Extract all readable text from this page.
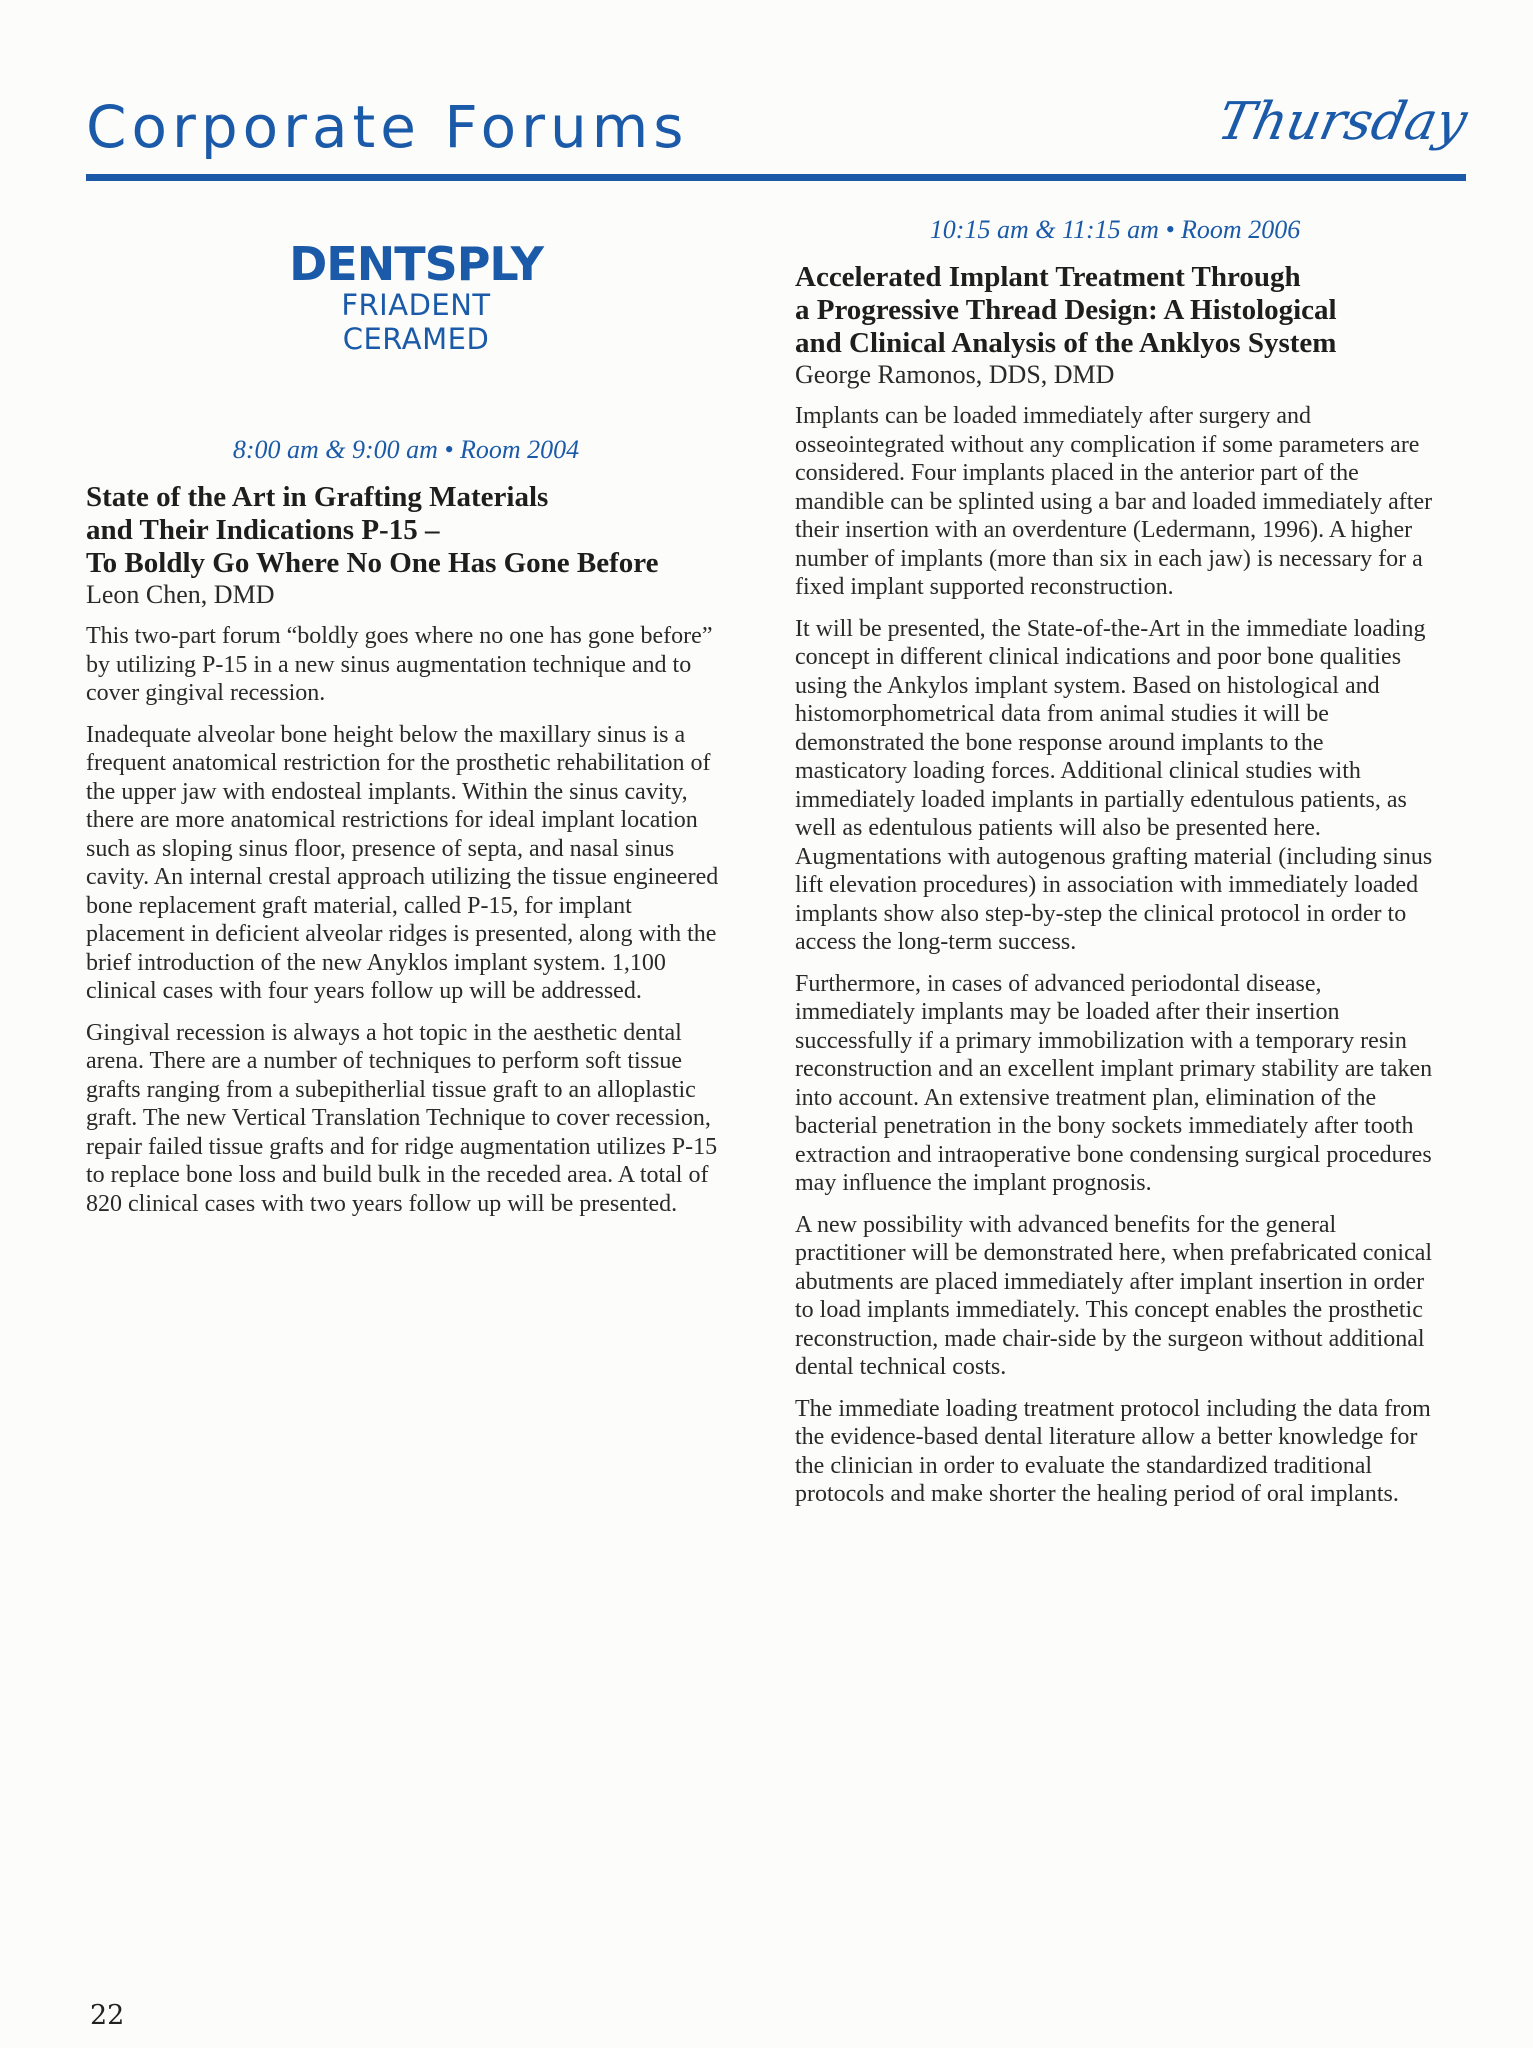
Corporate Forums	Thursday
DENTSPLY
FRIADENT
CERAMED
8:00 am & 9:00 am • Room 2004
State of the Art in Grafting Materials
and Their Indications P-15 –
To Boldly Go Where No One Has Gone Before
Leon Chen, DMD

This two-part forum “boldly goes where no one has gone before” by utilizing P-15 in a new sinus augmentation technique and to cover gingival recession.

Inadequate alveolar bone height below the maxillary sinus is a frequent anatomical restriction for the prosthetic rehabilitation of the upper jaw with endosteal implants. Within the sinus cavity, there are more anatomical restrictions for ideal implant location such as sloping sinus floor, presence of septa, and nasal sinus cavity. An internal crestal approach utilizing the tissue engineered bone replacement graft material, called P-15, for implant placement in deficient alveolar ridges is presented, along with the brief introduction of the new Anyklos implant system. 1,100 clinical cases with four years follow up will be addressed.

Gingival recession is always a hot topic in the aesthetic dental arena. There are a number of techniques to perform soft tissue grafts ranging from a subepitherlial tissue graft to an alloplastic graft. The new Vertical Translation Technique to cover recession, repair failed tissue grafts and for ridge augmentation utilizes P-15 to replace bone loss and build bulk in the receded area. A total of 820 clinical cases with two years follow up will be presented.

10:15 am & 11:15 am • Room 2006
Accelerated Implant Treatment Through
a Progressive Thread Design: A Histological
and Clinical Analysis of the Anklyos System
George Ramonos, DDS, DMD

Implants can be loaded immediately after surgery and osseointegrated without any complication if some parameters are considered. Four implants placed in the anterior part of the mandible can be splinted using a bar and loaded immediately after their insertion with an overdenture (Ledermann, 1996). A higher number of implants (more than six in each jaw) is necessary for a fixed implant supported reconstruction.

It will be presented, the State-of-the-Art in the immediate loading concept in different clinical indications and poor bone qualities using the Ankylos implant system. Based on histological and histomorphometrical data from animal studies it will be demonstrated the bone response around implants to the masticatory loading forces. Additional clinical studies with immediately loaded implants in partially edentulous patients, as well as edentulous patients will also be presented here. Augmentations with autogenous grafting material (including sinus lift elevation procedures) in association with immediately loaded implants show also step-by-step the clinical protocol in order to access the long-term success.

Furthermore, in cases of advanced periodontal disease, immediately implants may be loaded after their insertion successfully if a primary immobilization with a temporary resin reconstruction and an excellent implant primary stability are taken into account. An extensive treatment plan, elimination of the bacterial penetration in the bony sockets immediately after tooth extraction and intraoperative bone condensing surgical procedures may influence the implant prognosis.

A new possibility with advanced benefits for the general practitioner will be demonstrated here, when prefabricated conical abutments are placed immediately after implant insertion in order to load implants immediately. This concept enables the prosthetic reconstruction, made chair-side by the surgeon without additional dental technical costs.

The immediate loading treatment protocol including the data from the evidence-based dental literature allow a better knowledge for the clinician in order to evaluate the standardized traditional protocols and make shorter the healing period of oral implants.

22
